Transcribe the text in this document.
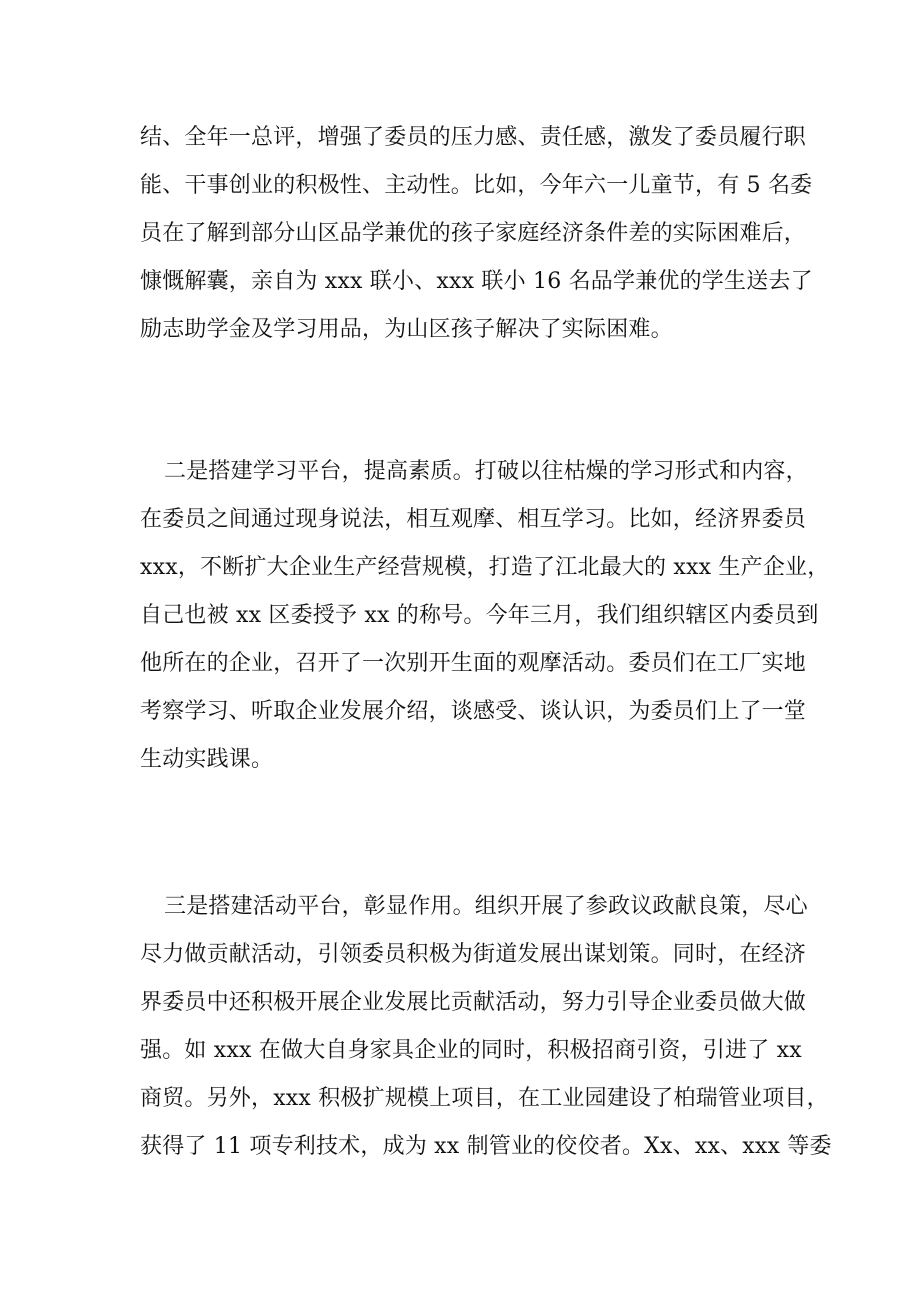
结、全年一总评，增强了委员的压力感、责任感，激发了委员履行职
能、干事创业的积极性、主动性。比如，今年六一儿童节，有 5 名委
员在了解到部分山区品学兼优的孩子家庭经济条件差的实际困难后，
慷慨解囊，亲自为 xxx 联小、xxx 联小 16 名品学兼优的学生送去了
励志助学金及学习用品，为山区孩子解决了实际困难。
二是搭建学习平台，提高素质。打破以往枯燥的学习形式和内容，
在委员之间通过现身说法，相互观摩、相互学习。比如，经济界委员
xxx，不断扩大企业生产经营规模，打造了江北最大的 xxx 生产企业，
自己也被 xx 区委授予 xx 的称号。今年三月，我们组织辖区内委员到
他所在的企业，召开了一次别开生面的观摩活动。委员们在工厂实地
考察学习、听取企业发展介绍，谈感受、谈认识，为委员们上了一堂
生动实践课。
三是搭建活动平台，彰显作用。组织开展了参政议政献良策，尽心
尽力做贡献活动，引领委员积极为街道发展出谋划策。同时，在经济
界委员中还积极开展企业发展比贡献活动，努力引导企业委员做大做
强。如 xxx 在做大自身家具企业的同时，积极招商引资，引进了 xx
商贸。另外，xxx 积极扩规模上项目，在工业园建设了柏瑞管业项目，
获得了 11 项专利技术，成为 xx 制管业的佼佼者。Xx、xx、xxx 等委
